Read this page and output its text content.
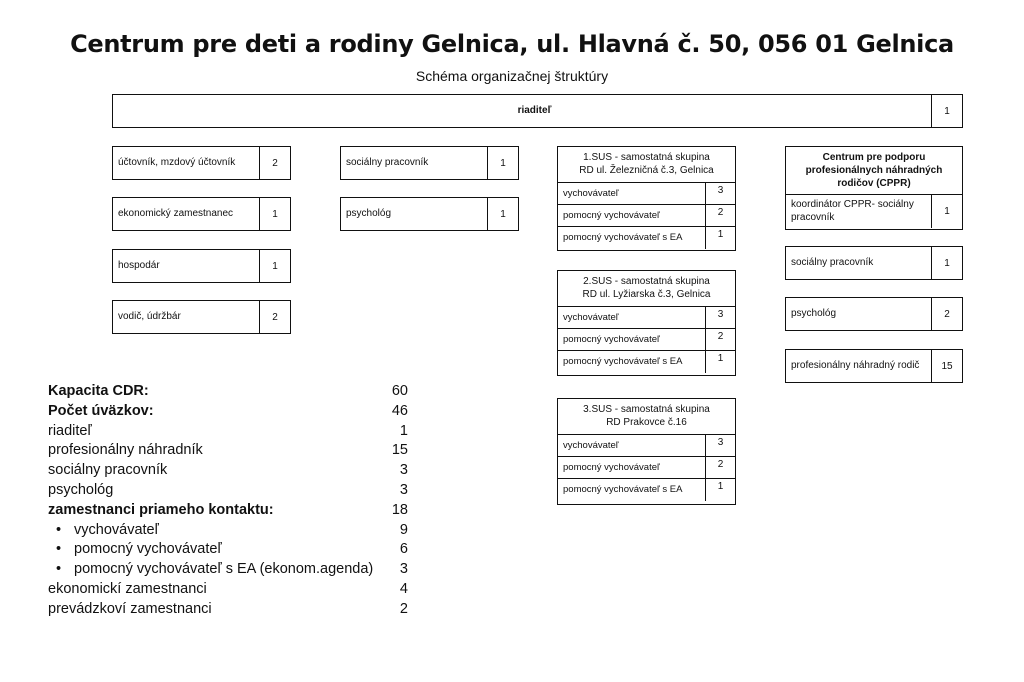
Centrum pre deti a rodiny Gelnica, ul. Hlavná č. 50, 056 01 Gelnica
Schéma organizačnej štruktúry
riaditeľ	1
účtovník, mzdový účtovník	2
ekonomický zamestnanec	1
hospodár	1
vodič, údržbár	2
sociálny pracovník	1
psychológ	1
1.SUS - samostatná skupina
RD ul. Železničná č.3, Gelnica
vychovávateľ	3
pomocný vychovávateľ	2
pomocný vychovávateľ s EA	1
2.SUS - samostatná skupina
RD ul. Lyžiarska č.3, Gelnica
vychovávateľ	3
pomocný vychovávateľ	2
pomocný vychovávateľ s EA	1
3.SUS - samostatná skupina
RD Prakovce č.16
vychovávateľ	3
pomocný vychovávateľ	2
pomocný vychovávateľ s EA	1
Centrum pre podporu
profesionálnych náhradných
rodičov (CPPR)
koordinátor CPPR- sociálny pracovník	1
sociálny pracovník	1
psychológ	2
profesionálny náhradný rodič	15
Kapacita CDR:	60
Počet úväzkov:	46
riaditeľ	1
profesionálny náhradník	15
sociálny pracovník	3
psychológ	3
zamestnanci priameho kontaktu:	18
• vychovávateľ	9
• pomocný vychovávateľ	6
• pomocný vychovávateľ s EA (ekonom.agenda) 3
ekonomickí zamestnanci	4
prevádzkoví zamestnanci	2
